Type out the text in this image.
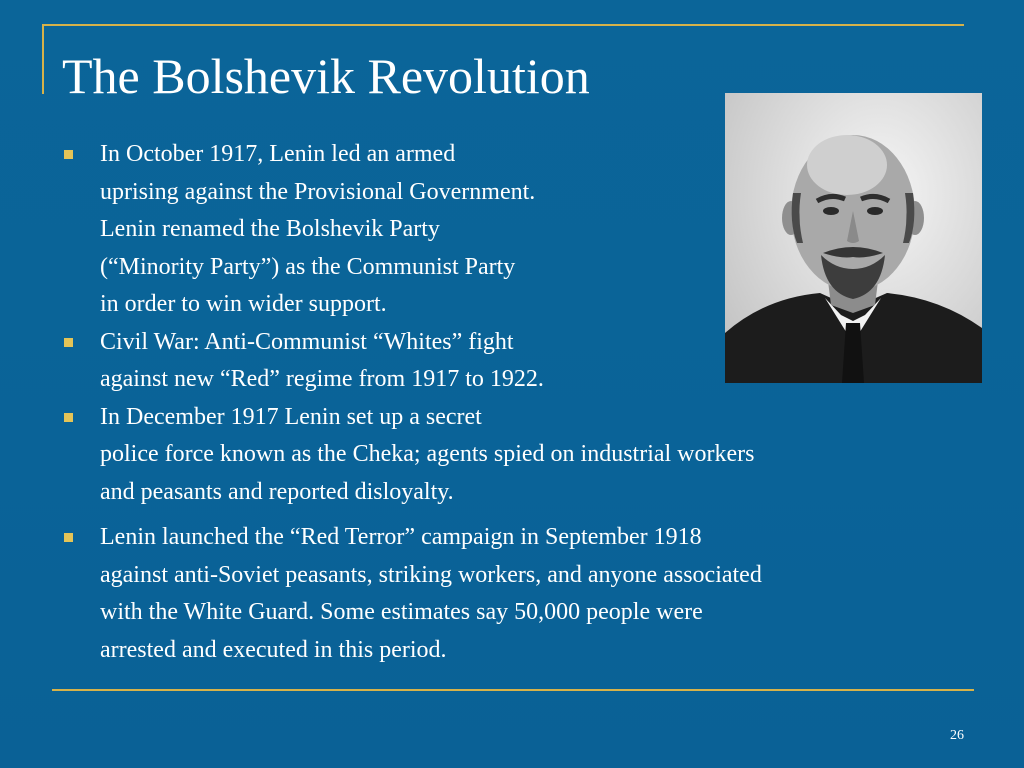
The Bolshevik Revolution
In October 1917, Lenin led an armed
uprising against the Provisional Government.
Lenin renamed the Bolshevik Party
(“Minority Party”) as the Communist Party
in order to win wider support.
Civil War: Anti-Communist “Whites” fight
against new “Red” regime from 1917 to 1922.
In December 1917 Lenin set up a secret
police force known as the Cheka; agents spied on industrial workers
and peasants and reported disloyalty.
Lenin launched the “Red Terror” campaign in September 1918
against anti-Soviet peasants, striking workers, and anyone associated
with the White Guard. Some estimates say 50,000 people were
arrested and executed in this period.
26
